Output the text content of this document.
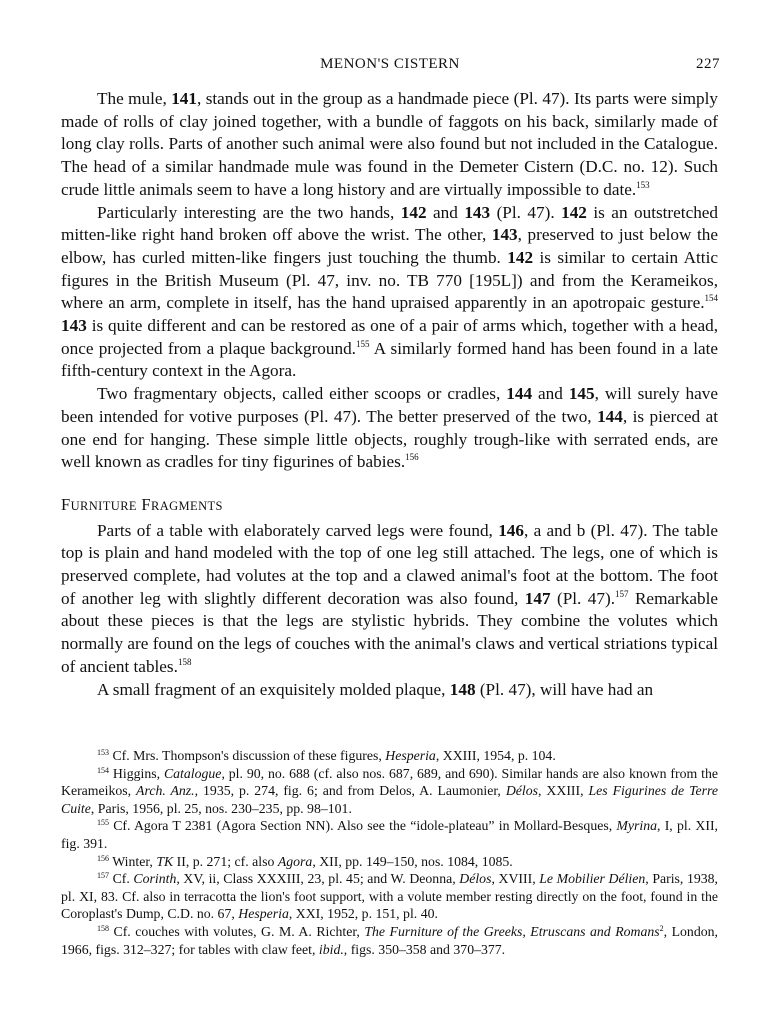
MENON'S CISTERN	227

The mule, 141, stands out in the group as a handmade piece (Pl. 47). Its parts were simply made of rolls of clay joined together, with a bundle of faggots on his back, similarly made of long clay rolls. Parts of another such animal were also found but not included in the Catalogue. The head of a similar handmade mule was found in the Demeter Cistern (D.C. no. 12). Such crude little animals seem to have a long history and are virtually impossible to date.$^{153}$

Particularly interesting are the two hands, 142 and 143 (Pl. 47). 142 is an outstretched mitten-like right hand broken off above the wrist. The other, 143, preserved to just below the elbow, has curled mitten-like fingers just touching the thumb. 142 is similar to certain Attic figures in the British Museum (Pl. 47, inv. no. TB 770 [195L]) and from the Kerameikos, where an arm, complete in itself, has the hand upraised apparently in an apotropaic gesture.$^{154}$ 143 is quite different and can be restored as one of a pair of arms which, together with a head, once projected from a plaque background.$^{155}$ A similarly formed hand has been found in a late fifth-century context in the Agora.

Two fragmentary objects, called either scoops or cradles, 144 and 145, will surely have been intended for votive purposes (Pl. 47). The better preserved of the two, 144, is pierced at one end for hanging. These simple little objects, roughly trough-like with serrated ends, are well known as cradles for tiny figurines of babies.$^{156}$

FURNITURE FRAGMENTS

Parts of a table with elaborately carved legs were found, 146, a and b (Pl. 47). The table top is plain and hand modeled with the top of one leg still attached. The legs, one of which is preserved complete, had volutes at the top and a clawed animal's foot at the bottom. The foot of another leg with slightly different decoration was also found, 147 (Pl. 47).$^{157}$ Remarkable about these pieces is that the legs are stylistic hybrids. They combine the volutes which normally are found on the legs of couches with the animal's claws and vertical striations typical of ancient tables.$^{158}$

A small fragment of an exquisitely molded plaque, 148 (Pl. 47), will have had an

$^{153}$ Cf. Mrs. Thompson's discussion of these figures, Hesperia, XXIII, 1954, p. 104.

$^{154}$ Higgins, Catalogue, pl. 90, no. 688 (cf. also nos. 687, 689, and 690). Similar hands are also known from the Kerameikos, Arch. Anz., 1935, p. 274, fig. 6; and from Delos, A. Laumonier, Délos, XXIII, Les Figurines de Terre Cuite, Paris, 1956, pl. 25, nos. 230–235, pp. 98–101.

$^{155}$ Cf. Agora T 2381 (Agora Section NN). Also see the “idole-plateau” in Mollard-Besques, Myrina, I, pl. XII, fig. 391.

$^{156}$ Winter, TK II, p. 271; cf. also Agora, XII, pp. 149–150, nos. 1084, 1085.

$^{157}$ Cf. Corinth, XV, ii, Class XXXIII, 23, pl. 45; and W. Deonna, Délos, XVIII, Le Mobilier Délien, Paris, 1938, pl. XI, 83. Cf. also in terracotta the lion's foot support, with a volute member resting directly on the foot, found in the Coroplast's Dump, C.D. no. 67, Hesperia, XXI, 1952, p. 151, pl. 40.

$^{158}$ Cf. couches with volutes, G. M. A. Richter, The Furniture of the Greeks, Etruscans and Romans$^2$, London, 1966, figs. 312–327; for tables with claw feet, ibid., figs. 350–358 and 370–377.
